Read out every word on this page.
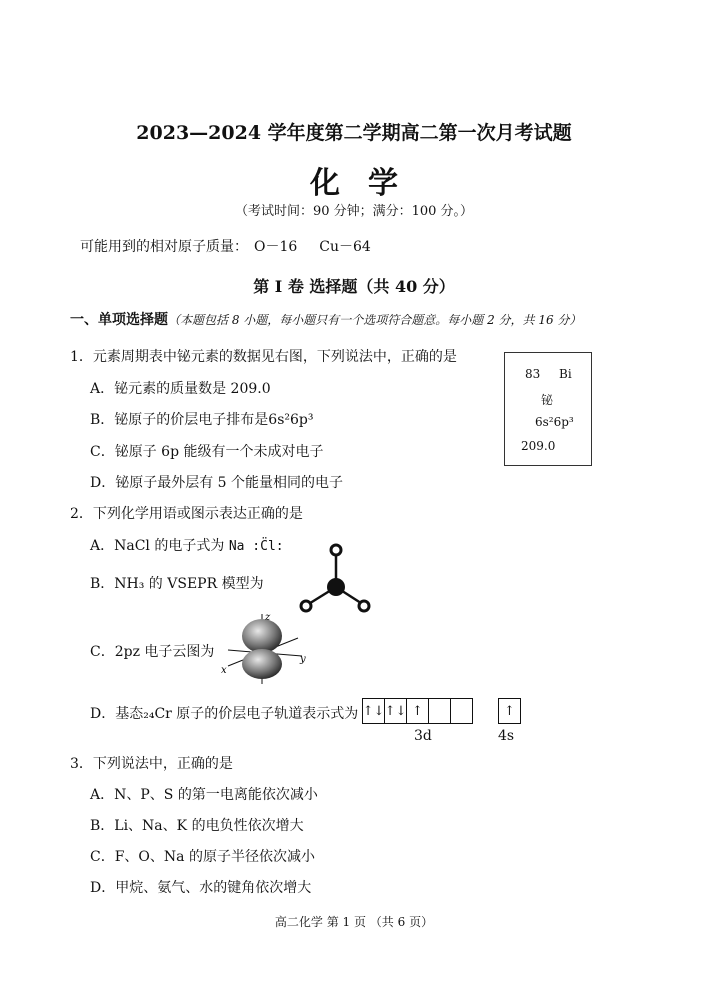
2023—2024 学年度第二学期高二第一次月考试题
化学
（考试时间：90 分钟；满分：100 分。）
可能用到的相对原子质量： O－16 Cu－64
第 I 卷 选择题（共 40 分）
一、单项选择题（本题包括 8 小题，每小题只有一个选项符合题意。每小题 2 分，共 16 分）
1．元素周期表中铋元素的数据见右图，下列说法中，正确的是
A．铋元素的质量数是 209.0
B．铋原子的价层电子排布是6s²6p³
C．铋原子 6p 能级有一个未成对电子
D．铋原子最外层有 5 个能量相同的电子
83 Bi
铋
6s²6p³
209.0
2．下列化学用语或图示表达正确的是
A．NaCl 的电子式为 Na :C̈l:
B．NH₃ 的 VSEPR 模型为
C．2pz 电子云图为
z
x
y
D．基态₂₄Cr 原子的价层电子轨道表示式为 ↑↓ ↑↓ ↑	↑
3d	4s
3．下列说法中，正确的是
A．N、P、S 的第一电离能依次减小
B．Li、Na、K 的电负性依次增大
C．F、O、Na 的原子半径依次减小
D．甲烷、氨气、水的键角依次增大
高二化学 第 1 页 （共 6 页）
